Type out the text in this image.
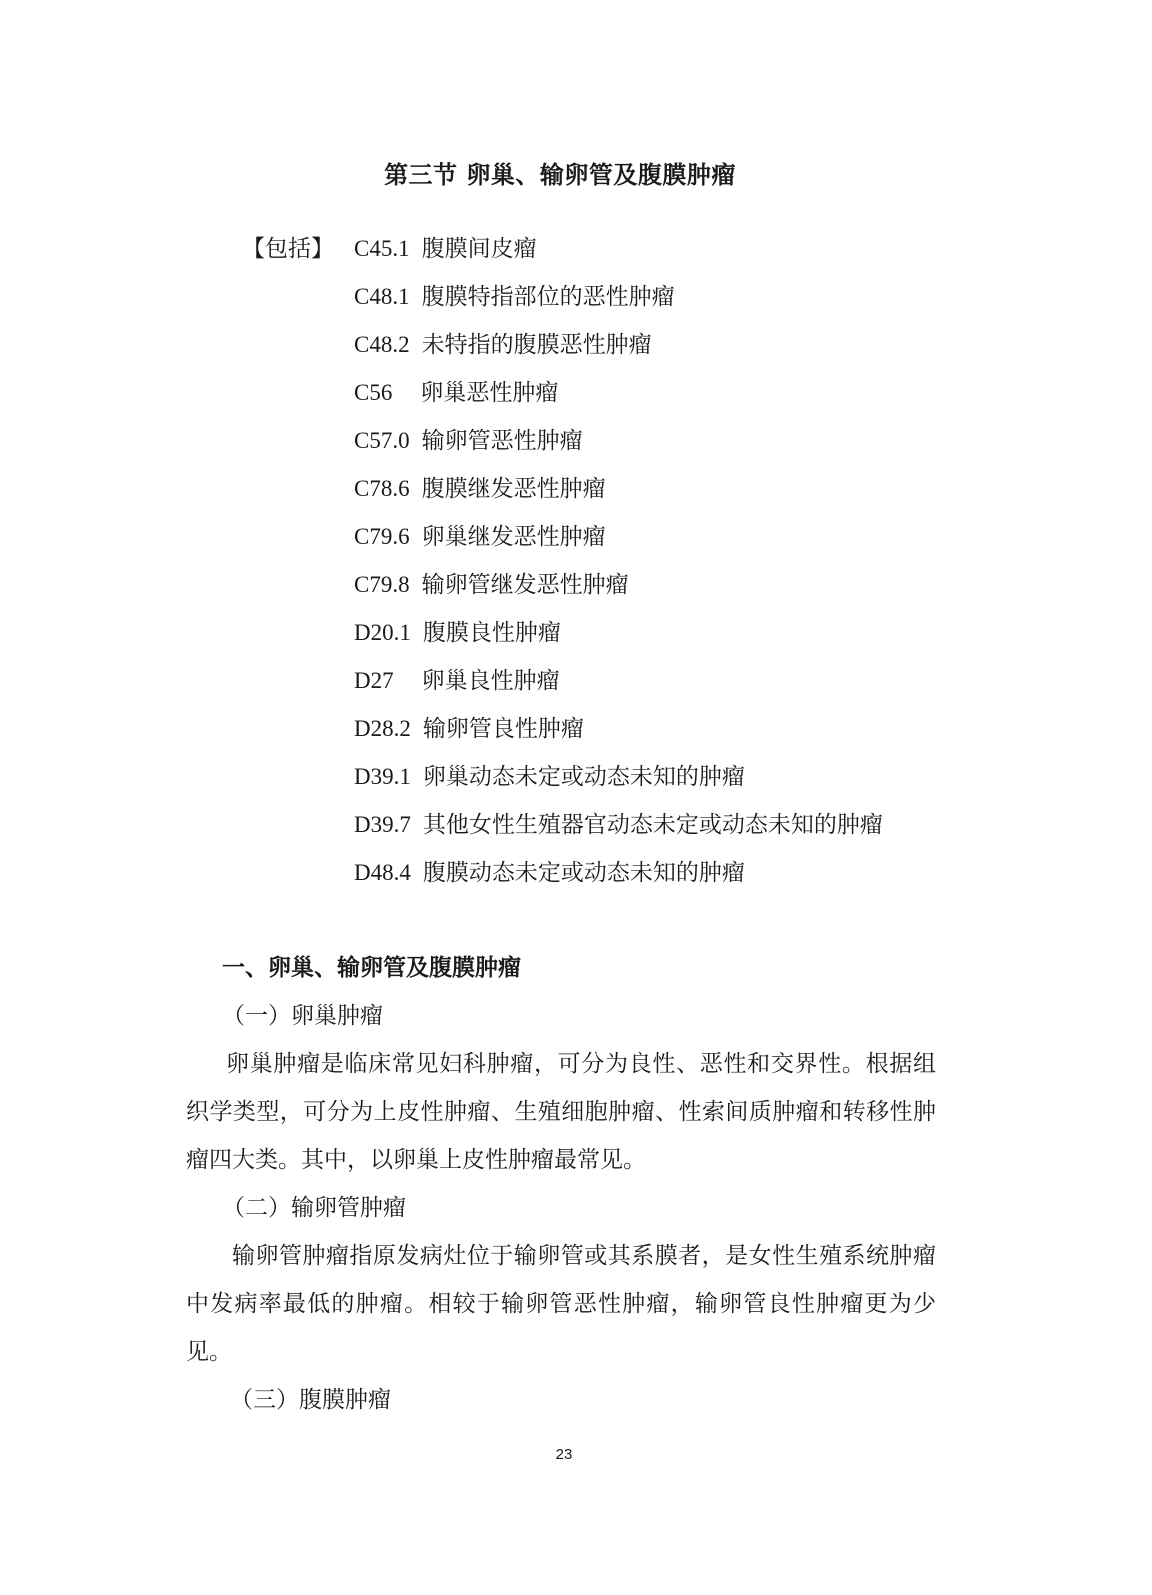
第三节 卵巢、输卵管及腹膜肿瘤
【包括】 C45.1 腹膜间皮瘤
C48.1 腹膜特指部位的恶性肿瘤
C48.2 未特指的腹膜恶性肿瘤
C56 卵巢恶性肿瘤
C57.0 输卵管恶性肿瘤
C78.6 腹膜继发恶性肿瘤
C79.6 卵巢继发恶性肿瘤
C79.8 输卵管继发恶性肿瘤
D20.1 腹膜良性肿瘤
D27 卵巢良性肿瘤
D28.2 输卵管良性肿瘤
D39.1 卵巢动态未定或动态未知的肿瘤
D39.7 其他女性生殖器官动态未定或动态未知的肿瘤
D48.4 腹膜动态未定或动态未知的肿瘤
一、卵巢、输卵管及腹膜肿瘤
（一）卵巢肿瘤

卵巢肿瘤是临床常见妇科肿瘤，可分为良性、恶性和交界性。根据组织学类型，可分为上皮性肿瘤、生殖细胞肿瘤、性索间质肿瘤和转移性肿瘤四大类。其中，以卵巢上皮性肿瘤最常见。

（二）输卵管肿瘤

输卵管肿瘤指原发病灶位于输卵管或其系膜者，是女性生殖系统肿瘤中发病率最低的肿瘤。相较于输卵管恶性肿瘤，输卵管良性肿瘤更为少见。

（三）腹膜肿瘤
23
